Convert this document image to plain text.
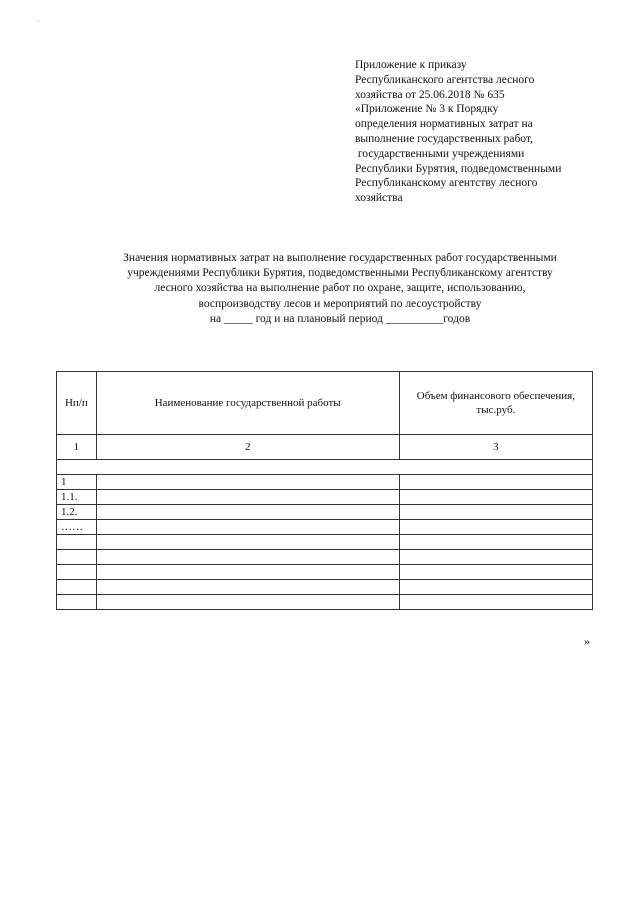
·
Приложение к приказу
Республиканского агентства лесного
хозяйства от 25.06.2018 № 635
«Приложение № 3 к Порядку
определения нормативных затрат на
выполнение государственных работ,
государственными учреждениями
Республики Бурятия, подведомственными
Республиканскому агентству лесного
хозяйства
Значения нормативных затрат на выполнение государственных работ государственными
учреждениями Республики Бурятия, подведомственными Республиканскому агентству
лесного хозяйства на выполнение работ по охране, защите, использованию,
воспроизводству лесов и мероприятий по лесоустройству
на _____ год и на плановый период __________годов
Нп/п	Наименование государственной работы	Объем финансового обеспечения, тыс.руб.
1	2	3

1		
1.1.		
1.2.		
……		

»
